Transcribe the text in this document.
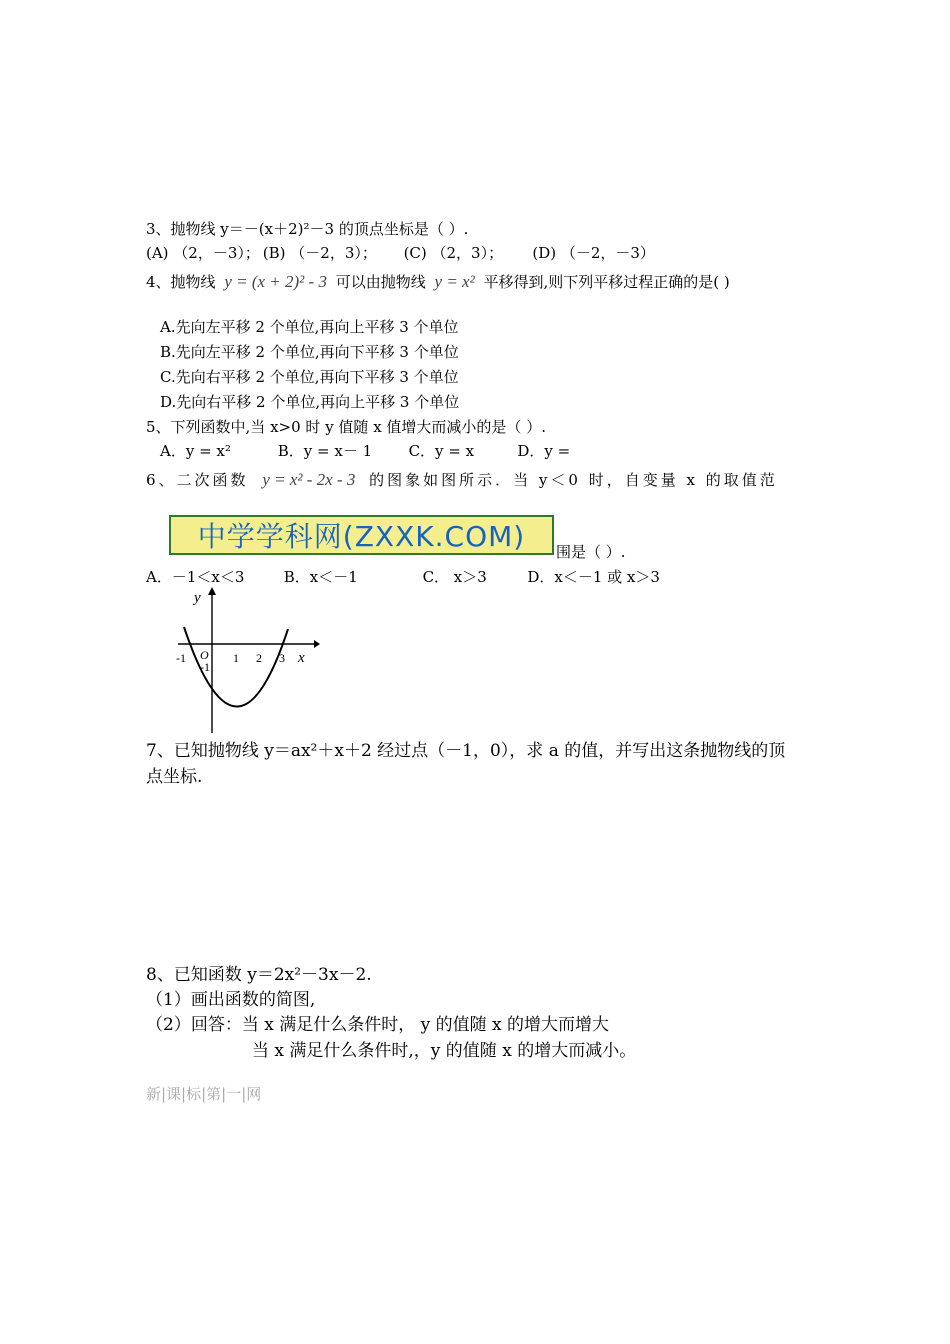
3、抛物线 y＝－(x＋2)²－3 的顶点坐标是（ ）.
(A) （2，－3）； (B) （－2，3）； (C) （2，3）； (D) （－2，－3）
4、抛物线 y = (x + 2)² - 3 可以由抛物线 y = x² 平移得到,则下列平移过程正确的是( )
A.先向左平移 2 个单位,再向上平移 3 个单位
B.先向左平移 2 个单位,再向下平移 3 个单位
C.先向右平移 2 个单位,再向下平移 3 个单位
D.先向右平移 2 个单位,再向上平移 3 个单位
5、下列函数中,当 x>0 时 y 值随 x 值增大而减小的是（ ）.
A．y = x²	B．y = x－ 1 C．y = x	D．y =
6、二次函数 y = x² - 2x - 3 的图象如图所示．当 y＜0 时，自变量 x 的取值范
中学学科网(ZXXK.COM) 围是（ ）.
A．－1＜x＜3	B．x＜－1	C． x＞3	D．x＜－1 或 x＞3
y
x
O
-1
-1
1 2 3
7、已知抛物线 y＝ax²＋x＋2 经过点（－1，0），求 a 的值，并写出这条抛物线的顶
点坐标.
8、已知函数 y＝2x²－3x－2.
（1）画出函数的简图,
（2）回答：当 x 满足什么条件时， y 的值随 x 的增大而增大
当 x 满足什么条件时,，y 的值随 x 的增大而减小。
新|课|标|第|一|网
